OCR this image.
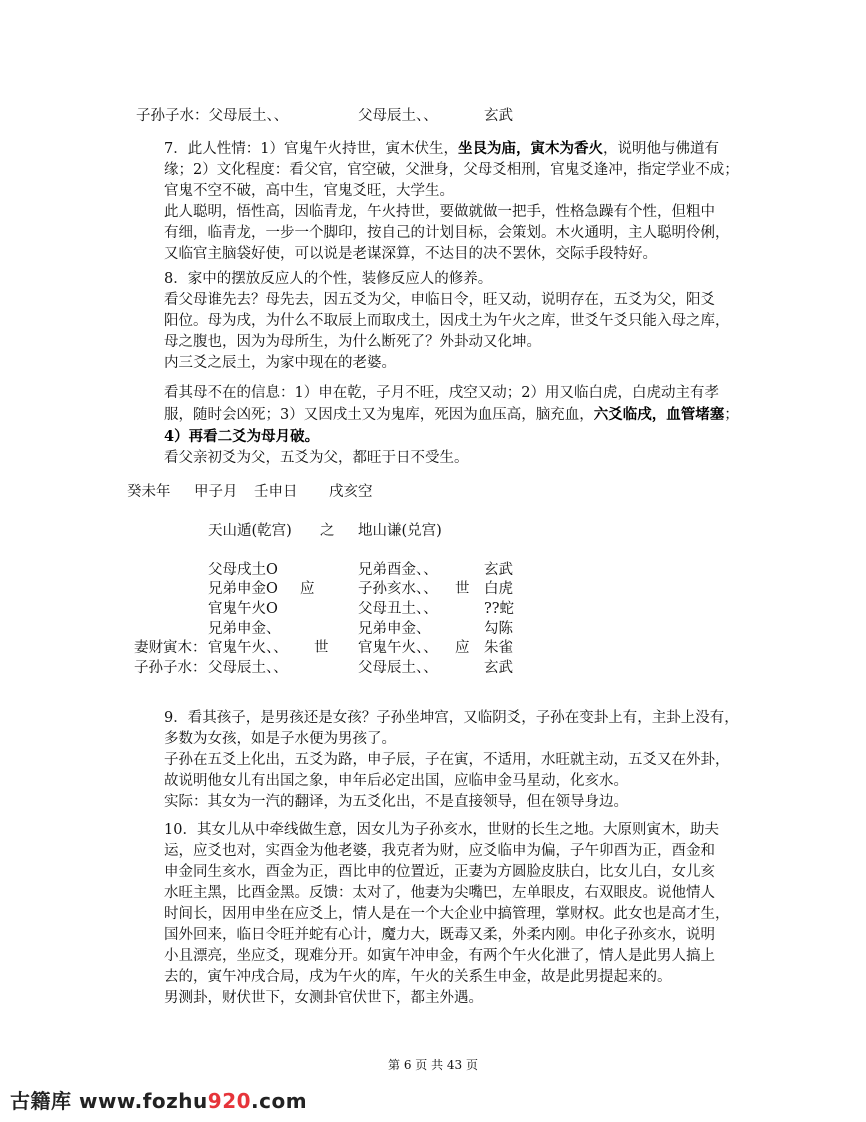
子孙子水：父母辰土、、	父母辰土、、	玄武
7．此人性情：1）官鬼午火持世，寅木伏生，坐艮为庙，寅木为香火，说明他与佛道有
缘；2）文化程度：看父官，官空破，父泄身，父母爻相刑，官鬼爻逢冲，指定学业不成；
官鬼不空不破，高中生，官鬼爻旺，大学生。
此人聪明，悟性高，因临青龙，午火持世，要做就做一把手，性格急躁有个性，但粗中
有细，临青龙，一步一个脚印，按自己的计划目标，会策划。木火通明，主人聪明伶俐，
又临官主脑袋好使，可以说是老谋深算，不达目的决不罢休，交际手段特好。
8．家中的摆放反应人的个性，装修反应人的修养。
看父母谁先去？母先去，因五爻为父，申临日令，旺又动，说明存在，五爻为父，阳爻
阳位。母为戌，为什么不取辰上而取戌土，因戌土为午火之库，世爻午爻只能入母之库，
母之腹也，因为为母所生，为什么断死了？外卦动又化坤。
内三爻之辰土，为家中现在的老婆。
看其母不在的信息：1）申在乾，子月不旺，戌空又动；2）用又临白虎，白虎动主有孝
服，随时会凶死；3）又因戌土又为鬼库，死因为血压高，脑充血，六爻临戌，血管堵塞；
4）再看二爻为母月破。
看父亲初爻为父，五爻为父，都旺于日不受生。
癸未年 甲子月 壬申日 戌亥空
天山遁(乾宫) 之 地山谦(兑宫)
父母戌土O	兄弟酉金、、	玄武
兄弟申金O 应	子孙亥水、、 世 白虎
官鬼午火O	父母丑土、、	??蛇
兄弟申金、	兄弟申金、	勾陈
妻财寅木： 官鬼午火、、 世 官鬼午火、、 应 朱雀
子孙子水： 父母辰土、、	父母辰土、、	玄武
9．看其孩子，是男孩还是女孩？子孙坐坤宫，又临阴爻，子孙在变卦上有，主卦上没有，
多数为女孩，如是子水便为男孩了。
子孙在五爻上化出，五爻为路，申子辰，子在寅，不适用，水旺就主动，五爻又在外卦，
故说明他女儿有出国之象，申年后必定出国，应临申金马星动，化亥水。
实际：其女为一汽的翻译，为五爻化出，不是直接领导，但在领导身边。
10．其女儿从中牵线做生意，因女儿为子孙亥水，世财的长生之地。大原则寅木，助夫
运，应爻也对，实酉金为他老婆，我克者为财，应爻临申为偏，子午卯酉为正，酉金和
申金同生亥水，酉金为正，酉比申的位置近，正妻为方圆脸皮肤白，比女儿白，女儿亥
水旺主黑，比酉金黑。反馈：太对了，他妻为尖嘴巴，左单眼皮，右双眼皮。说他情人
时间长，因用申坐在应爻上，情人是在一个大企业中搞管理，掌财权。此女也是高才生，
国外回来，临日令旺并蛇有心计，魔力大，既毒又柔，外柔内刚。申化子孙亥水，说明
小且漂亮，坐应爻，现难分开。如寅午冲申金，有两个午火化泄了，情人是此男人搞上
去的，寅午冲戌合局，戌为午火的库，午火的关系生申金，故是此男提起来的。
男测卦，财伏世下，女测卦官伏世下，都主外遇。
第 6 页 共 43 页
古籍库 www.fozhu920.com
